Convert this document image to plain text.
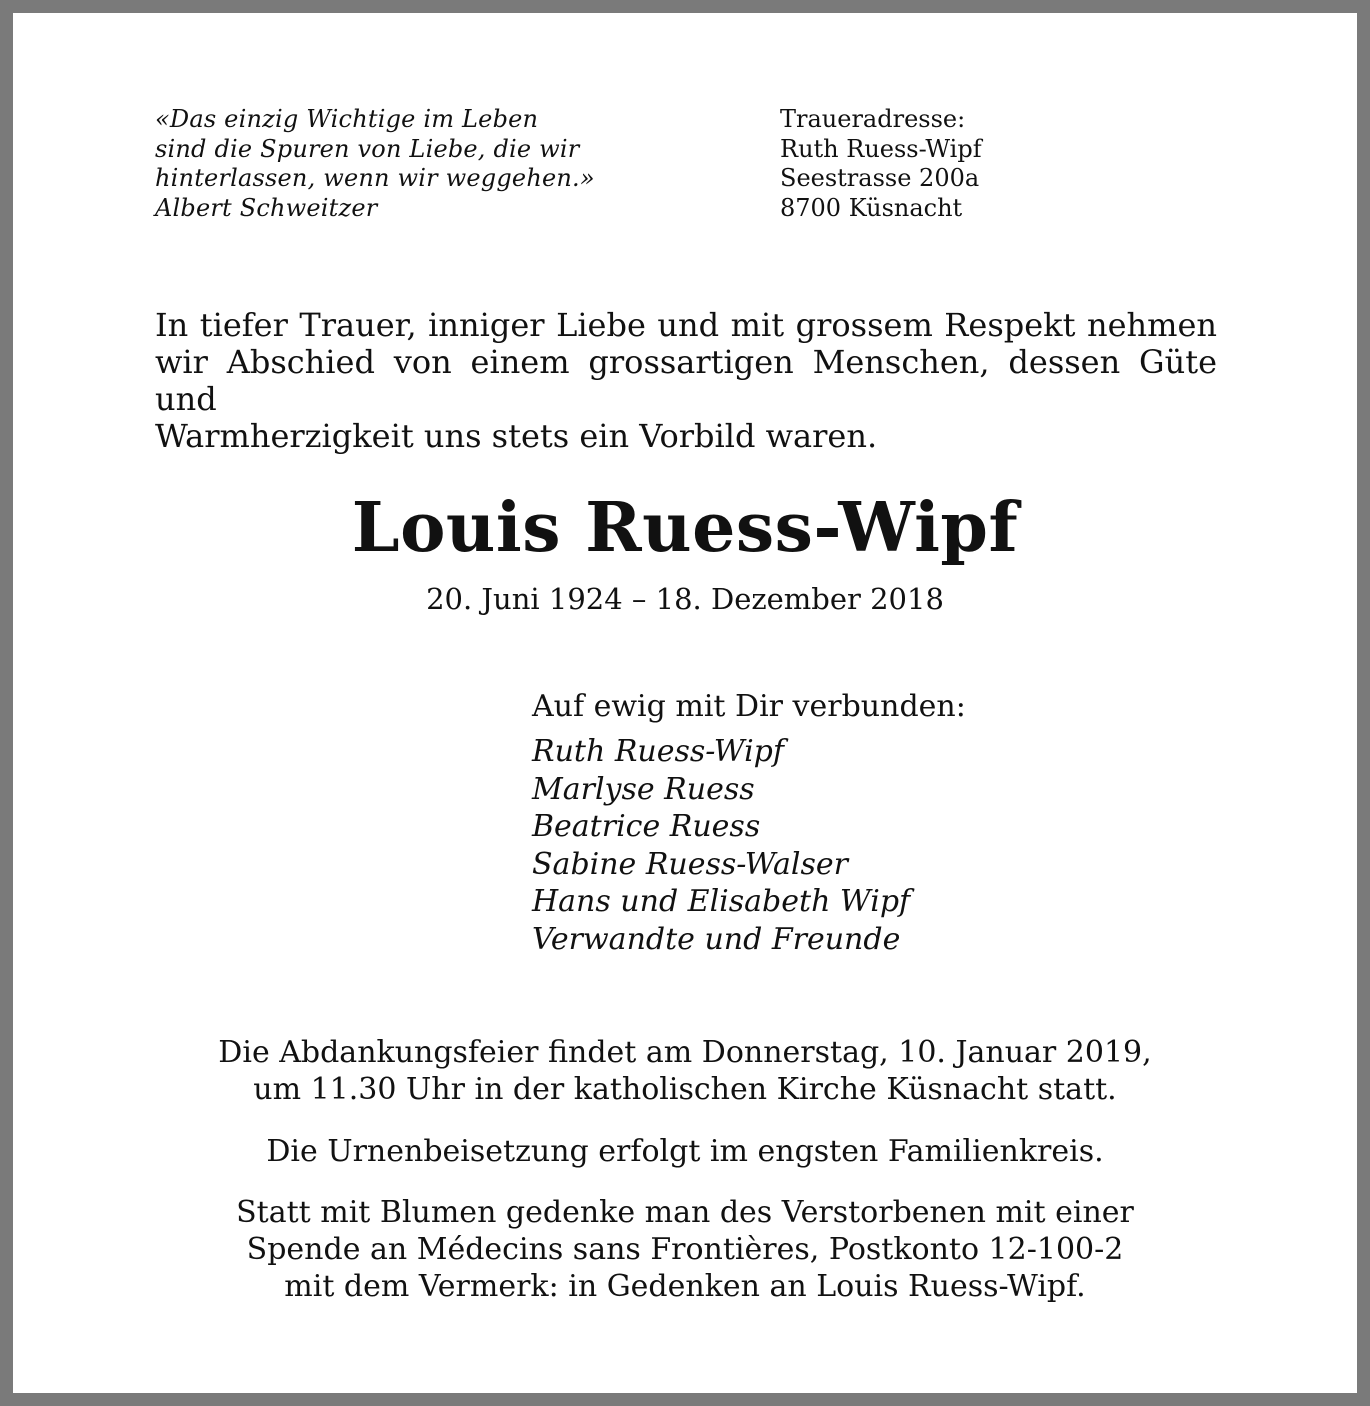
«Das einzig Wichtige im Leben
sind die Spuren von Liebe, die wir
hinterlassen, wenn wir weggehen.»
Albert Schweitzer
Traueradresse:
Ruth Ruess-Wipf
Seestrasse 200a
8700 Küsnacht
In tiefer Trauer, inniger Liebe und mit grossem Respekt nehmen
wir Abschied von einem grossartigen Menschen, dessen Güte und
Warmherzigkeit uns stets ein Vorbild waren.
Louis Ruess-Wipf
20. Juni 1924 – 18. Dezember 2018
Auf ewig mit Dir verbunden:
Ruth Ruess-Wipf
Marlyse Ruess
Beatrice Ruess
Sabine Ruess-Walser
Hans und Elisabeth Wipf
Verwandte und Freunde
Die Abdankungsfeier findet am Donnerstag, 10. Januar 2019,
um 11.30 Uhr in der katholischen Kirche Küsnacht statt.
Die Urnenbeisetzung erfolgt im engsten Familienkreis.
Statt mit Blumen gedenke man des Verstorbenen mit einer
Spende an Médecins sans Frontières, Postkonto 12-100-2
mit dem Vermerk: in Gedenken an Louis Ruess-Wipf.
